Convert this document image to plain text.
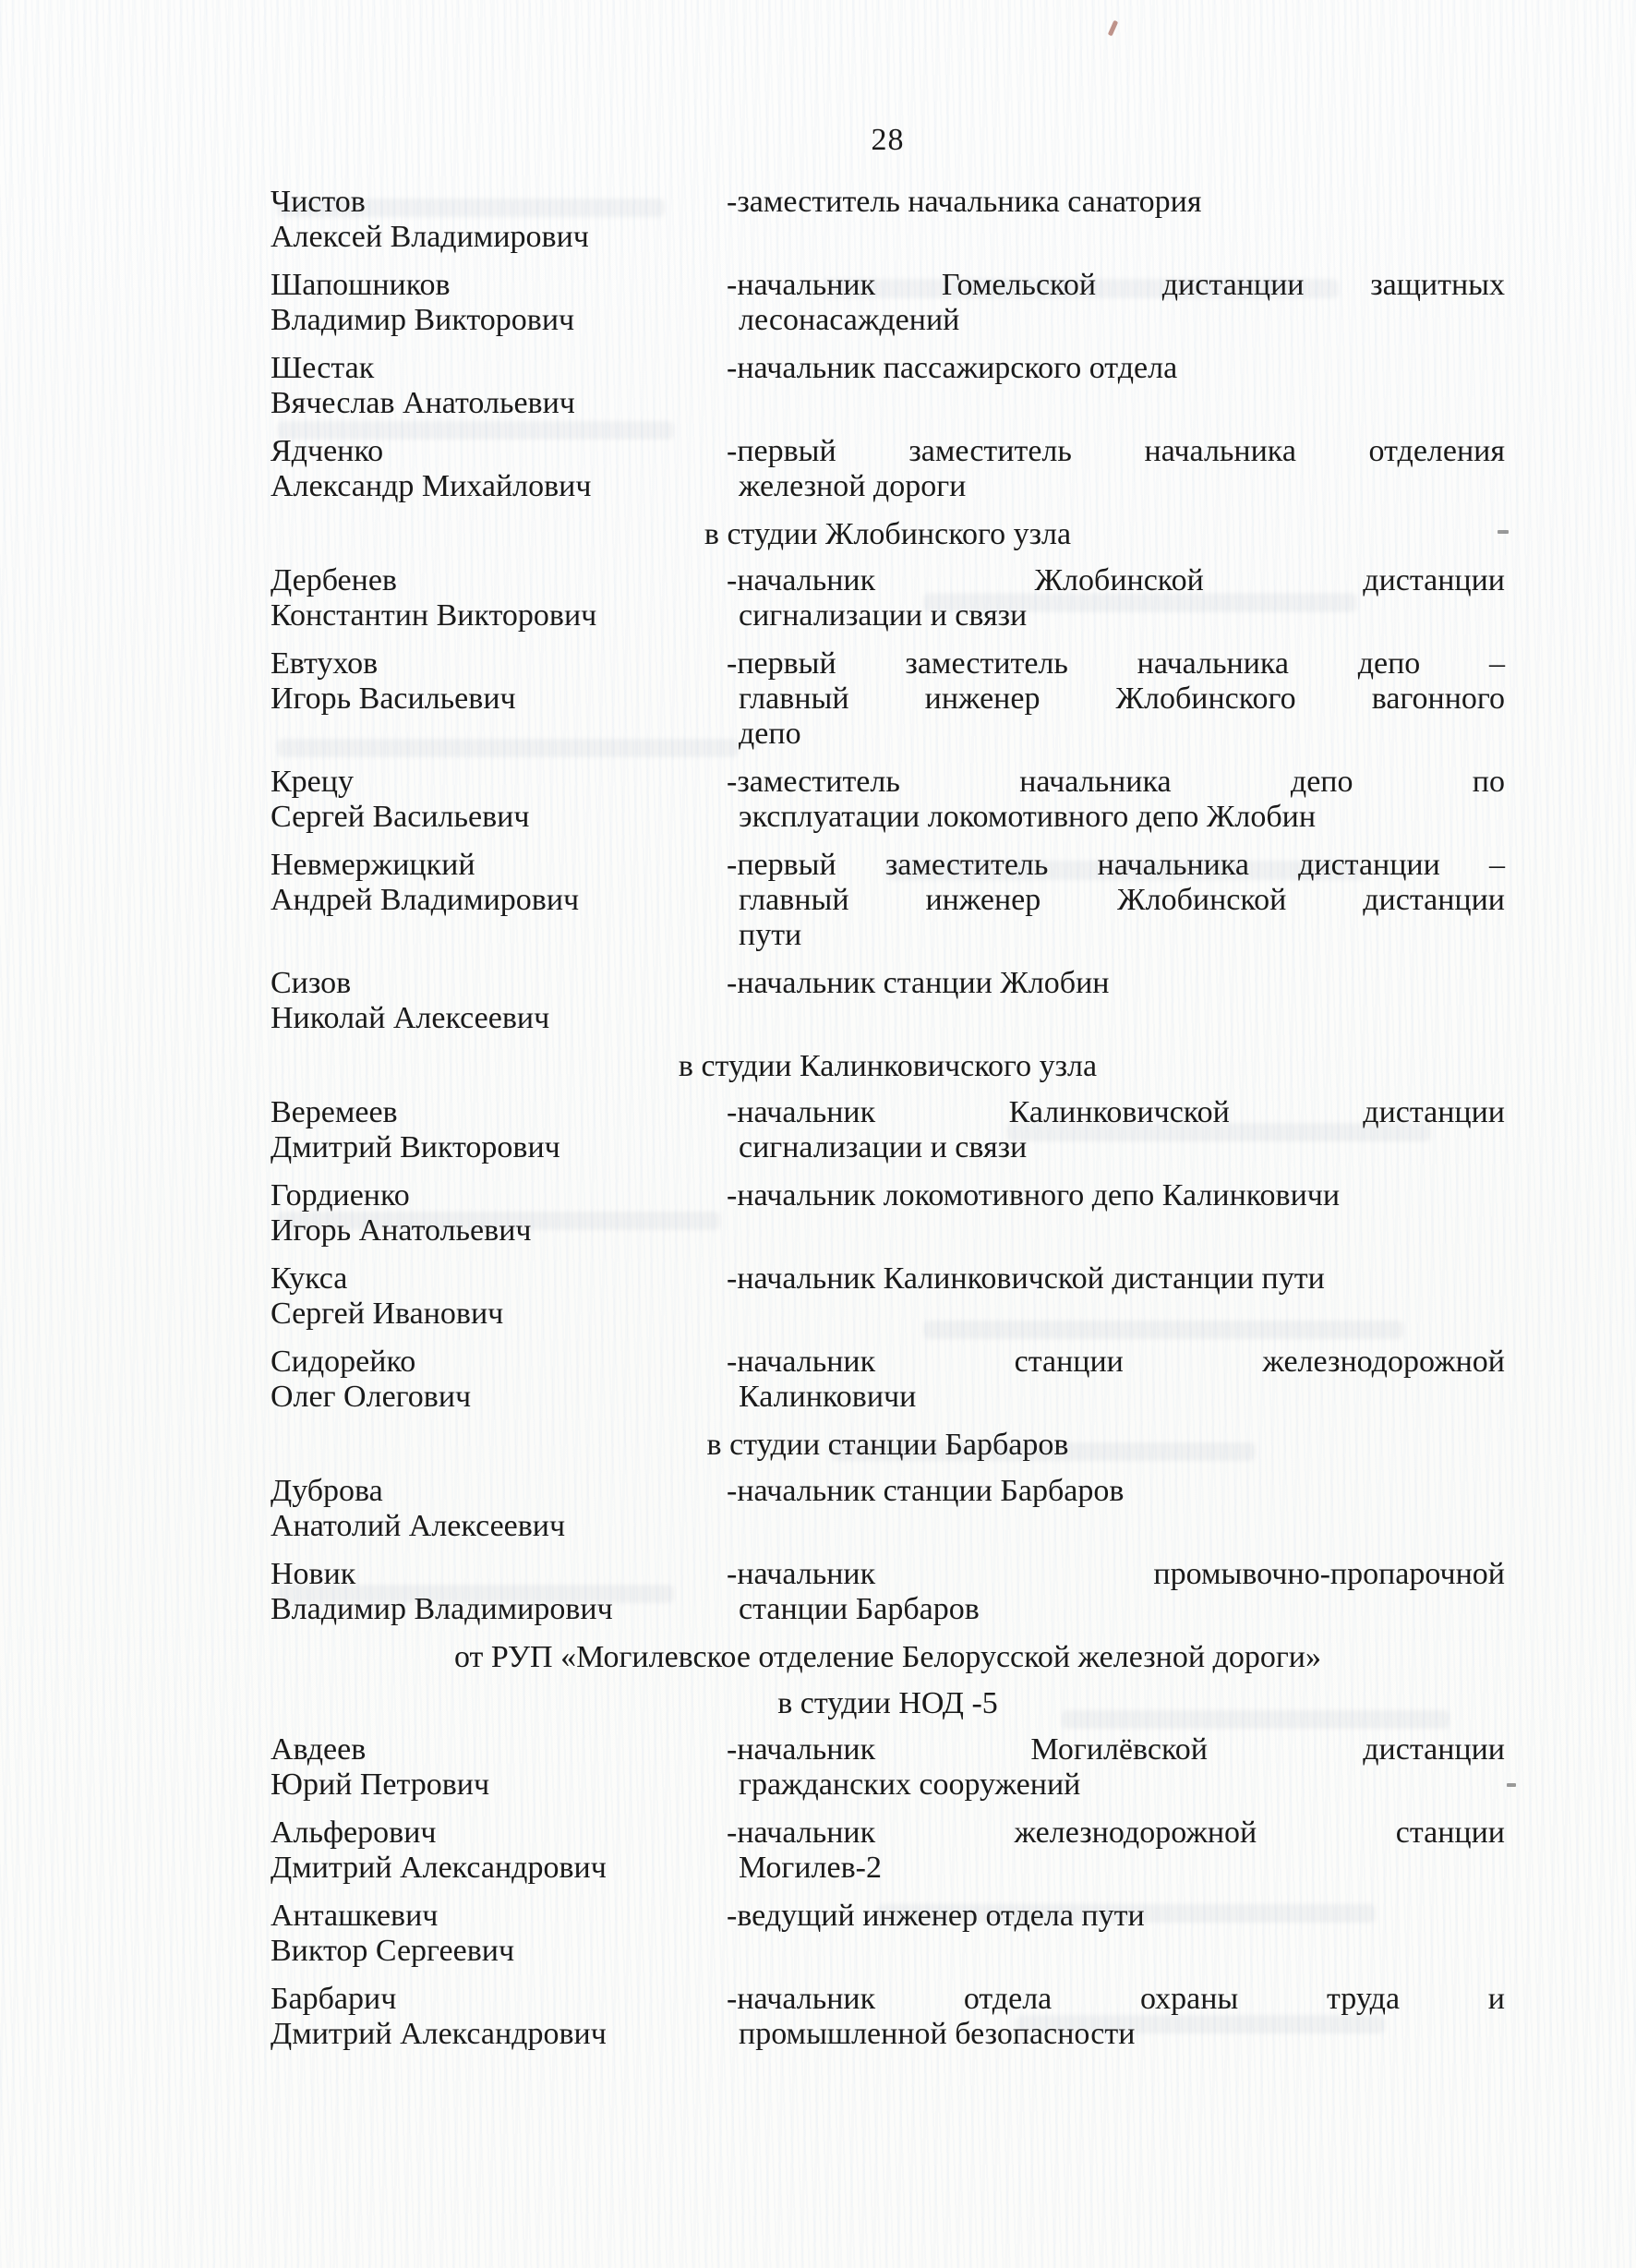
28
Чистов
Алексей Владимирович
-заместитель начальника санатория
Шапошников
Владимир Викторович
-начальник Гомельской дистанции защитных
лесонасаждений
Шестак
Вячеслав Анатольевич
-начальник пассажирского отдела
Ядченко
Александр Михайлович
-первый заместитель начальника отделения
железной дороги
в студии Жлобинского узла
Дербенев
Константин Викторович
-начальник Жлобинской дистанции
сигнализации и связи
Евтухов
Игорь Васильевич
-первый заместитель начальника депо –
главный инженер Жлобинского вагонного
депо
Крецу
Сергей Васильевич
-заместитель начальника депо по
эксплуатации локомотивного депо Жлобин
Невмержицкий
Андрей Владимирович
-первый заместитель начальника дистанции –
главный инженер Жлобинской дистанции
пути
Сизов
Николай Алексеевич
-начальник станции Жлобин
в студии Калинковичского узла
Веремеев
Дмитрий Викторович
-начальник Калинковичской дистанции
сигнализации и связи
Гордиенко
Игорь Анатольевич
-начальник локомотивного депо Калинковичи
Кукса
Сергей Иванович
-начальник Калинковичской дистанции пути
Сидорейко
Олег Олегович
-начальник станции железнодорожной
Калинковичи
в студии станции Барбаров
Дуброва
Анатолий Алексеевич
-начальник станции Барбаров
Новик
Владимир Владимирович
-начальник промывочно-пропарочной
станции Барбаров
от РУП «Могилевское отделение Белорусской железной дороги»
в студии НОД -5
Авдеев
Юрий Петрович
-начальник Могилёвской дистанции
гражданских сооружений
Альферович
Дмитрий Александрович
-начальник железнодорожной станции
Могилев-2
Анташкевич
Виктор Сергеевич
-ведущий инженер отдела пути
Барбарич
Дмитрий Александрович
-начальник отдела охраны труда и
промышленной безопасности
